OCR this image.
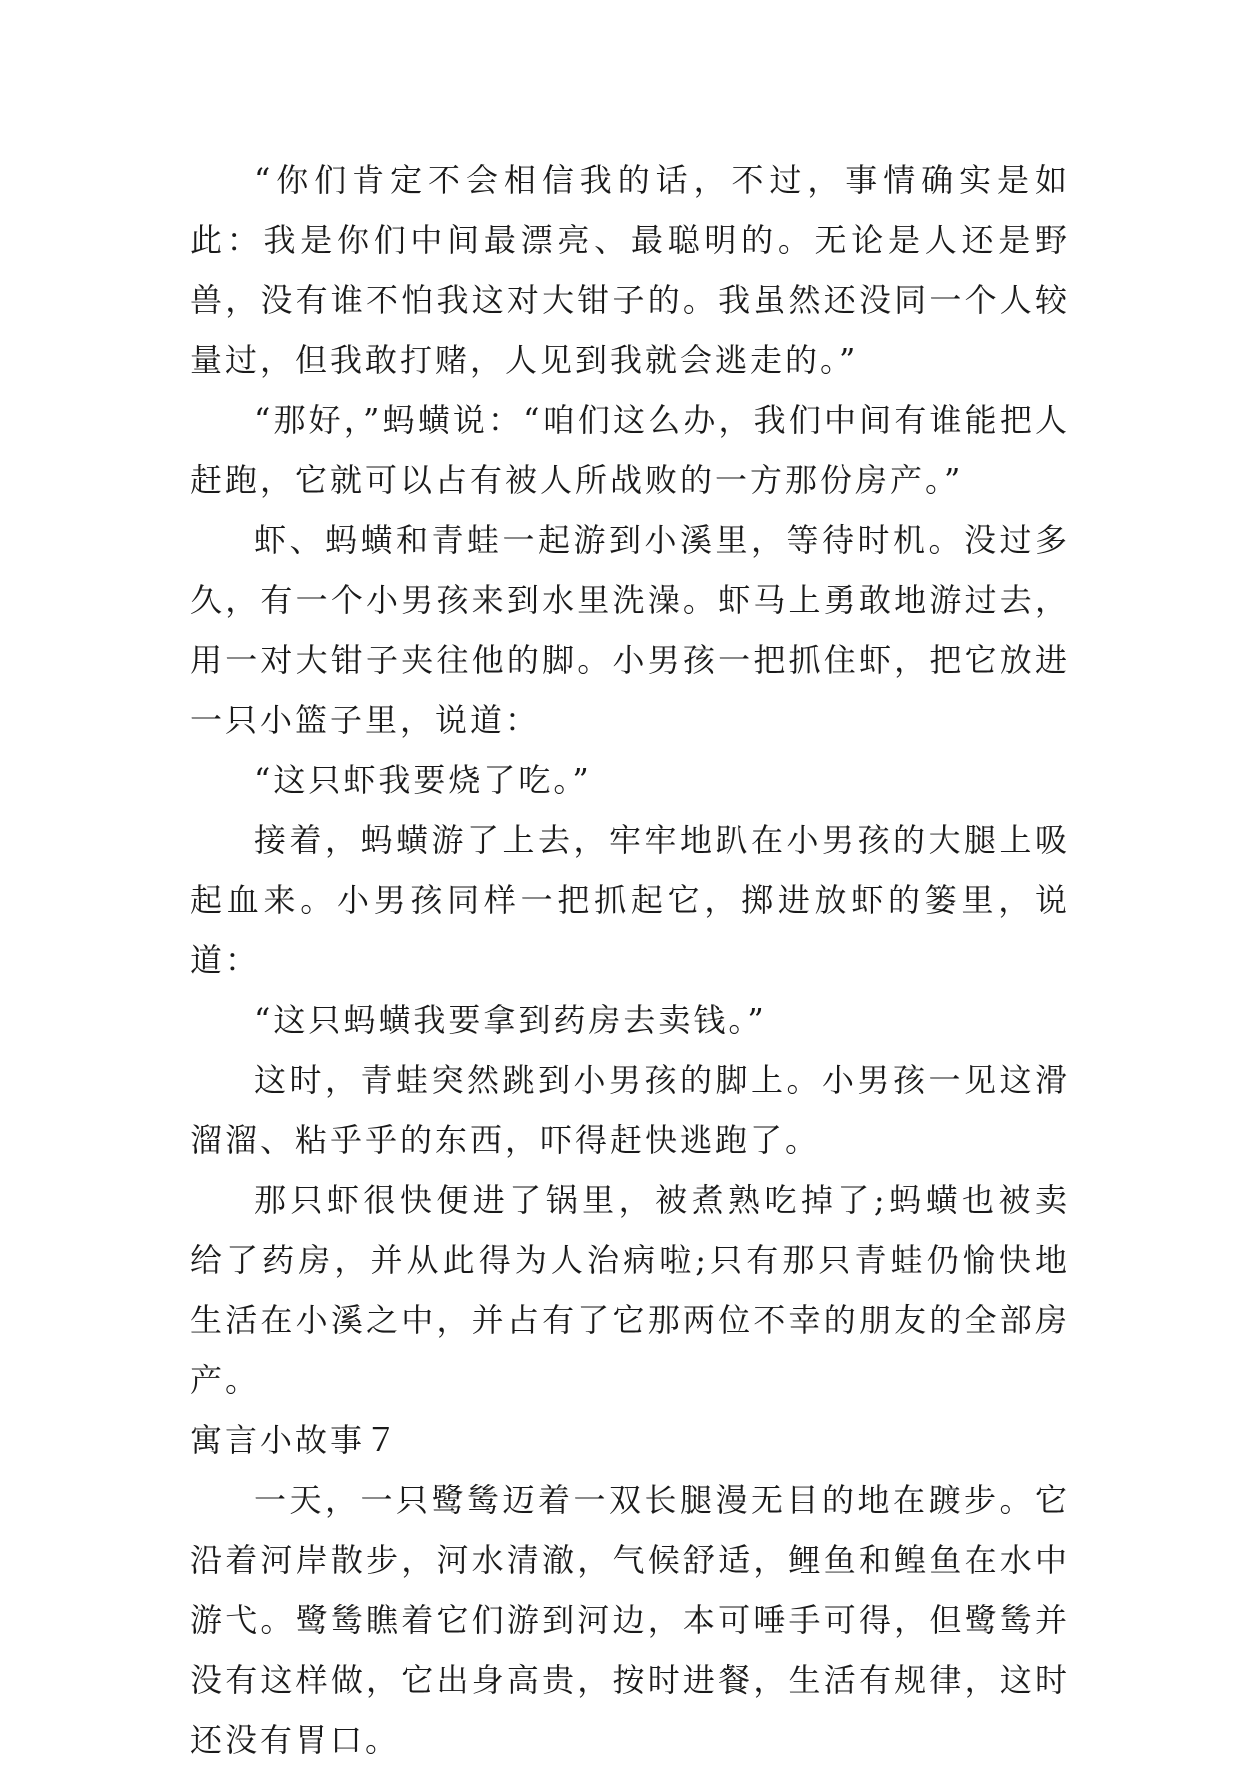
“你们肯定不会相信我的话，不过，事情确实是如此：我是你们中间最漂亮、最聪明的。无论是人还是野兽，没有谁不怕我这对大钳子的。我虽然还没同一个人较量过，但我敢打赌，人见到我就会逃走的。”

“那好，”蚂蟥说：“咱们这么办，我们中间有谁能把人赶跑，它就可以占有被人所战败的一方那份房产。”

虾、蚂蟥和青蛙一起游到小溪里，等待时机。没过多久，有一个小男孩来到水里洗澡。虾马上勇敢地游过去，用一对大钳子夹往他的脚。小男孩一把抓住虾，把它放进一只小篮子里，说道：

“这只虾我要烧了吃。”

接着，蚂蟥游了上去，牢牢地趴在小男孩的大腿上吸起血来。小男孩同样一把抓起它，掷进放虾的篓里，说道：

“这只蚂蟥我要拿到药房去卖钱。”

这时，青蛙突然跳到小男孩的脚上。小男孩一见这滑溜溜、粘乎乎的东西，吓得赶快逃跑了。

那只虾很快便进了锅里，被煮熟吃掉了;蚂蟥也被卖给了药房，并从此得为人治病啦;只有那只青蛙仍愉快地生活在小溪之中，并占有了它那两位不幸的朋友的全部房产。

寓言小故事７

一天，一只鹭鸶迈着一双长腿漫无目的地在踱步。它沿着河岸散步，河水清澈，气候舒适，鲤鱼和鳇鱼在水中游弋。鹭鸶瞧着它们游到河边，本可唾手可得，但鹭鸶并没有这样做，它出身高贵，按时进餐，生活有规律，这时还没有胃口。
